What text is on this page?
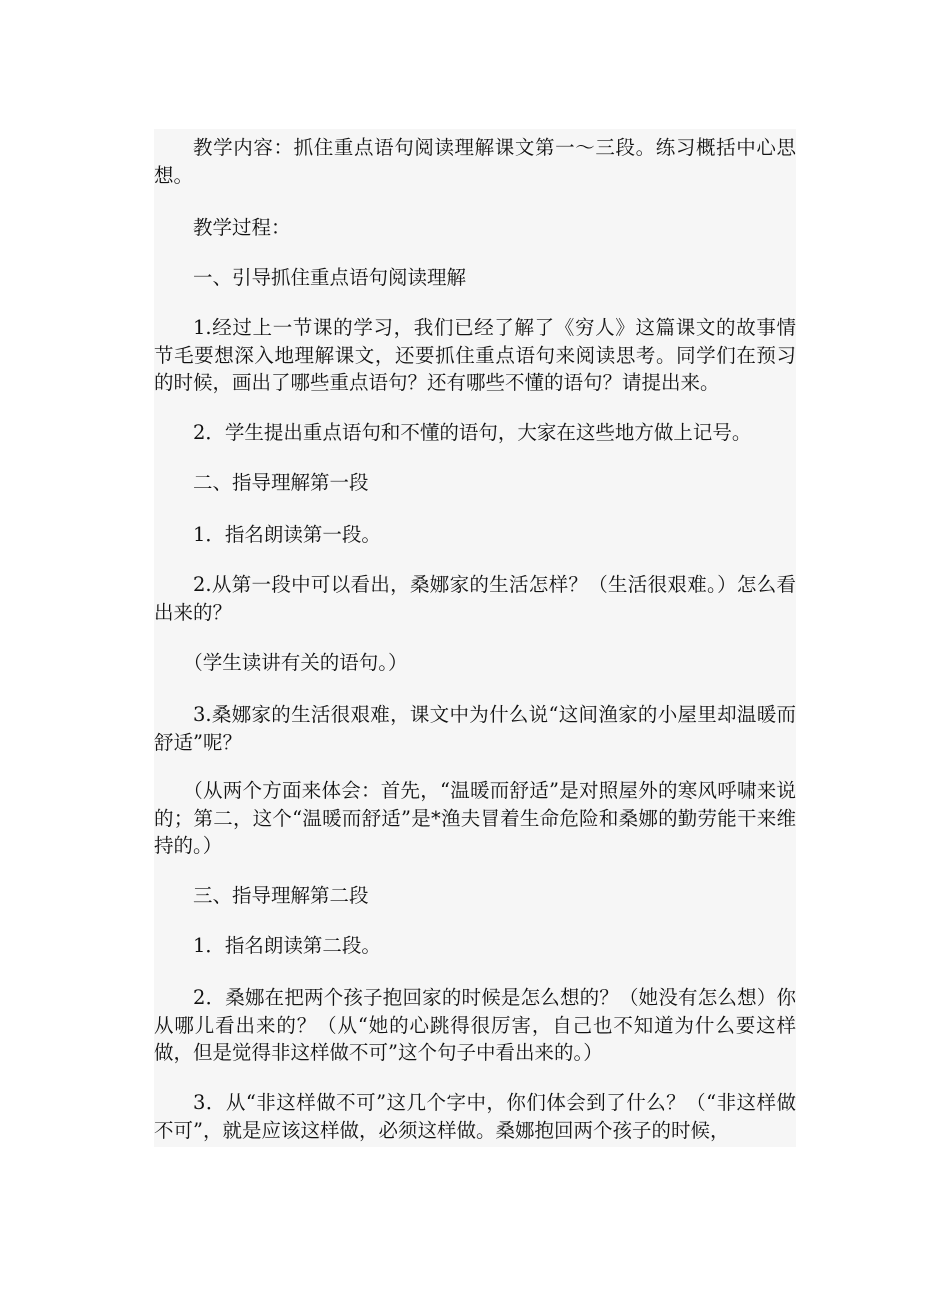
教学内容：抓住重点语句阅读理解课文第一～三段。练习概括中心思想。

教学过程：

一、引导抓住重点语句阅读理解

1.经过上一节课的学习，我们已经了解了《穷人》这篇课文的故事情节毛要想深入地理解课文，还要抓住重点语句来阅读思考。同学们在预习的时候，画出了哪些重点语句？还有哪些不懂的语句？请提出来。

2．学生提出重点语句和不懂的语句，大家在这些地方做上记号。

二、指导理解第一段

1．指名朗读第一段。

2.从第一段中可以看出，桑娜家的生活怎样？（生活很艰难。）怎么看出来的？

（学生读讲有关的语句。）

3.桑娜家的生活很艰难，课文中为什么说“这间渔家的小屋里却温暖而舒适”呢？

（从两个方面来体会：首先，“温暖而舒适”是对照屋外的寒风呼啸来说的；第二，这个“温暖而舒适”是*渔夫冒着生命危险和桑娜的勤劳能干来维持的。）

三、指导理解第二段

1．指名朗读第二段。

2．桑娜在把两个孩子抱回家的时候是怎么想的？（她没有怎么想）你从哪儿看出来的？（从“她的心跳得很厉害，自己也不知道为什么要这样做，但是觉得非这样做不可”这个句子中看出来的。）

3．从“非这样做不可”这几个字中，你们体会到了什么？（“非这样做不可”，就是应该这样做，必须这样做。桑娜抱回两个孩子的时候，
